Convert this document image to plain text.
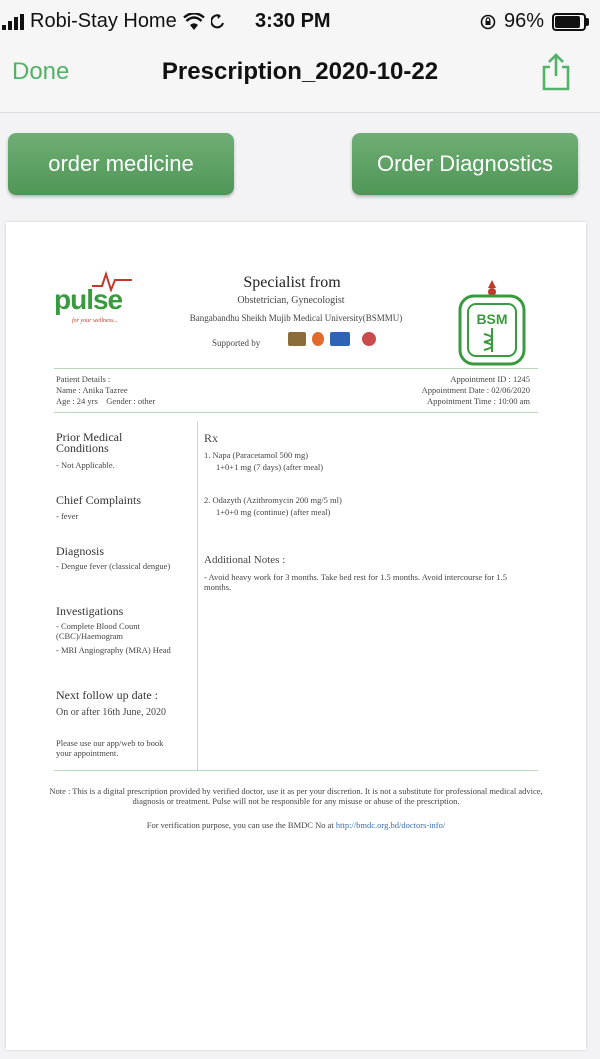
Robi-Stay Home	3:30 PM	96%
Done	Prescription_2020-10-22
order medicine	Order Diagnostics
pulse
for your wellness...
Specialist from
Obstetrician, Gynecologist
Bangabandhu Sheikh Mujib Medical University(BSMMU)
Supported by
BSM
Patient Details :
Name : Anika Tazree
Age : 24 yrs    Gender : other
Appointment ID : 1245
Appointment Date : 02/06/2020
Appointment Time : 10:00 am
Prior Medical Conditions
- Not Applicable.
Chief Complaints
- fever
Diagnosis
- Dengue fever (classical dengue)
Investigations
- Complete Blood Count (CBC)/Haemogram
- MRI Angiography (MRA) Head
Next follow up date :
On or after 16th June, 2020
Please use our app/web to book your appointment.
Rx
1. Napa (Paracetamol 500 mg)
1+0+1 mg (7 days) (after meal)
2. Odazyth (Azithromycin 200 mg/5 ml)
1+0+0 mg (continue) (after meal)
Additional Notes :
- Avoid heavy work for 3 months. Take bed rest for 1.5 months. Avoid intercourse for 1.5 months.
Note : This is a digital prescription provided by verified doctor, use it as per your discretion. It is not a substitute for professional medical advice, diagnosis or treatment. Pulse will not be responsible for any misuse or abuse of the prescription.
For verification purpose, you can use the BMDC No at http://bmdc.org.bd/doctors-info/
